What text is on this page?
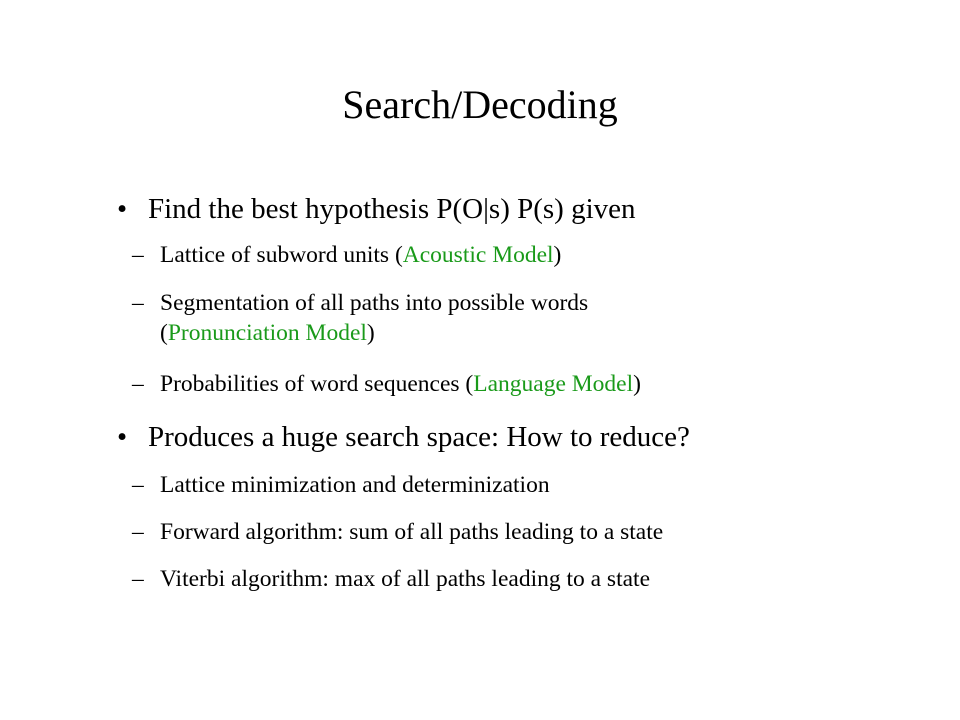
Search/Decoding
• Find the best hypothesis P(O|s) P(s) given
– Lattice of subword units (Acoustic Model)
– Segmentation of all paths into possible words
(Pronunciation Model)
– Probabilities of word sequences (Language Model)
• Produces a huge search space: How to reduce?
– Lattice minimization and determinization
– Forward algorithm: sum of all paths leading to a state
– Viterbi algorithm: max of all paths leading to a state
